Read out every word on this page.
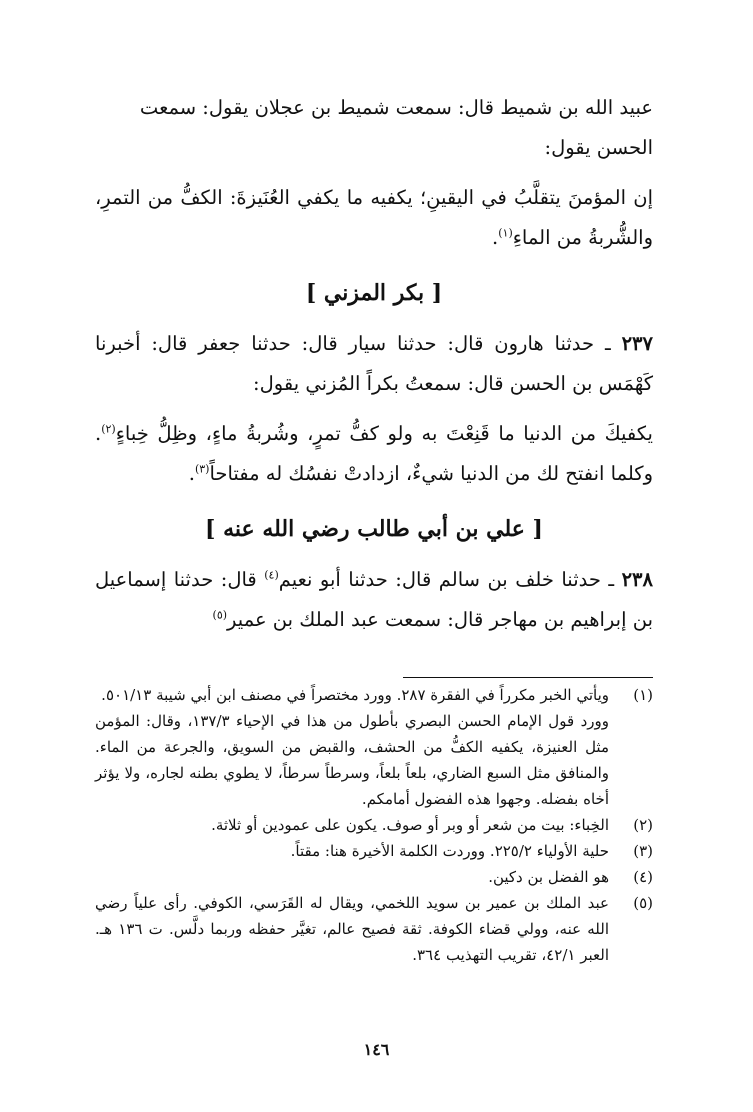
عبيد الله بن شميط قال: سمعت شميط بن عجلان يقول: سمعت
الحسن يقول:

إن المؤمنَ يتقلَّبُ في اليقينِ؛ يكفيه ما يكفي العُنَيزةَ: الكفُّ من التمرِ، والشُّربةُ من الماءِ$^{(١)}$.

[ بكر المزني ]

٢٣٧ ـ حدثنا هارون قال: حدثنا سيار قال: حدثنا جعفر قال: أخبرنا كَهْمَس بن الحسن قال: سمعتُ بكراً المُزني يقول:

يكفيكَ من الدنيا ما قَنِعْتَ به ولو كفُّ تمرٍ، وشُربةُ ماءٍ، وظِلُّ خِباءٍ$^{(٢)}$. وكلما انفتح لك من الدنيا شيءٌ، ازدادتْ نفسُك له مفتاحاً$^{(٣)}$.

[ علي بن أبي طالب رضي الله عنه ]

٢٣٨ ـ حدثنا خلف بن سالم قال: حدثنا أبو نعيم$^{(٤)}$ قال: حدثنا إسماعيل بن إبراهيم بن مهاجر قال: سمعت عبد الملك بن عمير$^{(٥)}$

(١)
ويأتي الخبر مكرراً في الفقرة ٢٨٧. وورد مختصراً في مصنف ابن أبي شيبة ٥٠١/١٣.
وورد قول الإمام الحسن البصري بأطول من هذا في الإحياء ١٣٧/٣، وقال: المؤمن مثل العنيزة، يكفيه الكفُّ من الحشف، والقبض من السويق، والجرعة من الماء. والمنافق مثل السبع الضاري، بلعاً بلعاً، وسرطاً سرطاً، لا يطوي بطنه لجاره، ولا يؤثر أخاه بفضله. وجهوا هذه الفضول أمامكم.
(٢)
الخِباء: بيت من شعر أو وبر أو صوف. يكون على عمودين أو ثلاثة.
(٣)
حلية الأولياء ٢٢٥/٢. ووردت الكلمة الأخيرة هنا: مقتاً.
(٤)
هو الفضل بن دكين.
(٥)
عبد الملك بن عمير بن سويد اللخمي، ويقال له القَرَسي، الكوفي. رأى علياً رضي الله عنه، وولي قضاء الكوفة. ثقة فصيح عالم، تغيَّر حفظه وربما دلَّس. ت ١٣٦ هـ. العبر ٤٢/١، تقريب التهذيب ٣٦٤.
١٤٦
